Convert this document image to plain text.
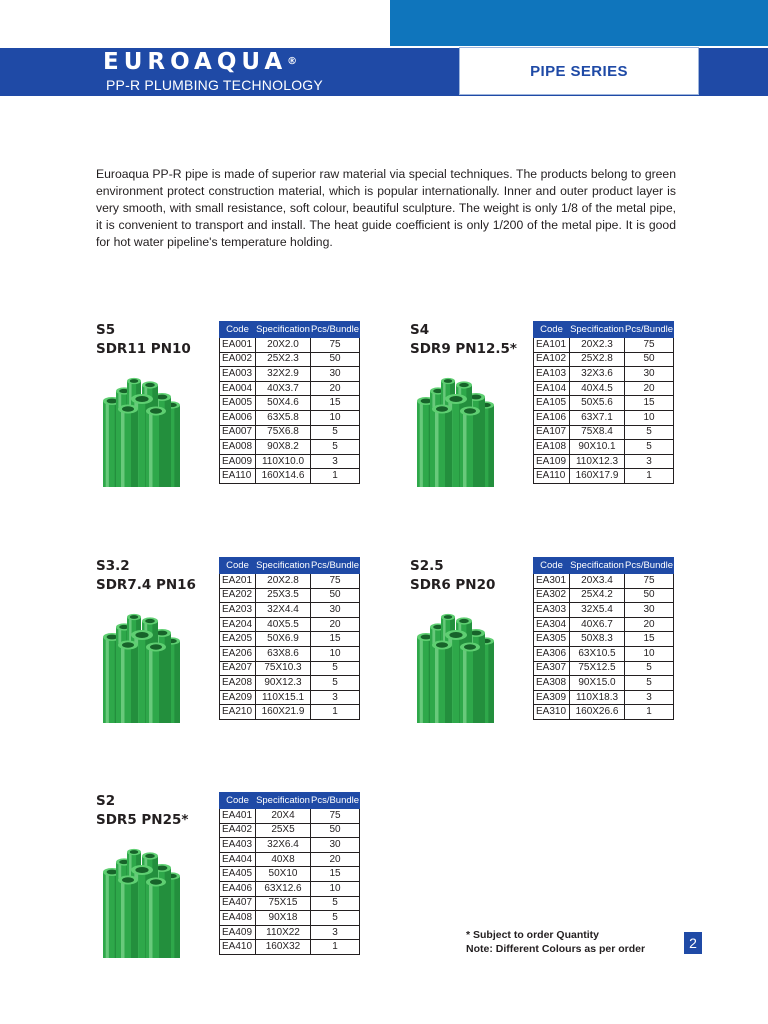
EUROAQUA®
PP-R PLUMBING TECHNOLOGY
PIPE SERIES

Euroaqua PP-R pipe is made of superior raw material via special techniques. The products belong to green environment protect construction material, which is popular internationally. Inner and outer product layer is very smooth, with small resistance, soft colour, beautiful sculpture. The weight is only 1/8 of the metal pipe, it is convenient to transport and install. The heat guide coefficient is only 1/200 of the metal pipe. It is good for hot water pipeline's temperature holding.

S5
SDR11 PN10
Code	Specification	Pcs/Bundle
EA001	20X2.0	75
EA002	25X2.3	50
EA003	32X2.9	30
EA004	40X3.7	20
EA005	50X4.6	15
EA006	63X5.8	10
EA007	75X6.8	5
EA008	90X8.2	5
EA009	110X10.0	3
EA110	160X14.6	1
S4
SDR9 PN12.5*
Code	Specification	Pcs/Bundle
EA101	20X2.3	75
EA102	25X2.8	50
EA103	32X3.6	30
EA104	40X4.5	20
EA105	50X5.6	15
EA106	63X7.1	10
EA107	75X8.4	5
EA108	90X10.1	5
EA109	110X12.3	3
EA110	160X17.9	1
S3.2
SDR7.4 PN16
Code	Specification	Pcs/Bundle
EA201	20X2.8	75
EA202	25X3.5	50
EA203	32X4.4	30
EA204	40X5.5	20
EA205	50X6.9	15
EA206	63X8.6	10
EA207	75X10.3	5
EA208	90X12.3	5
EA209	110X15.1	3
EA210	160X21.9	1
S2.5
SDR6 PN20
Code	Specification	Pcs/Bundle
EA301	20X3.4	75
EA302	25X4.2	50
EA303	32X5.4	30
EA304	40X6.7	20
EA305	50X8.3	15
EA306	63X10.5	10
EA307	75X12.5	5
EA308	90X15.0	5
EA309	110X18.3	3
EA310	160X26.6	1
S2
SDR5 PN25*
Code	Specification	Pcs/Bundle
EA401	20X4	75
EA402	25X5	50
EA403	32X6.4	30
EA404	40X8	20
EA405	50X10	15
EA406	63X12.6	10
EA407	75X15	5
EA408	90X18	5
EA409	110X22	3
EA410	160X32	1
* Subject to order Quantity
Note: Different Colours as per order	2
